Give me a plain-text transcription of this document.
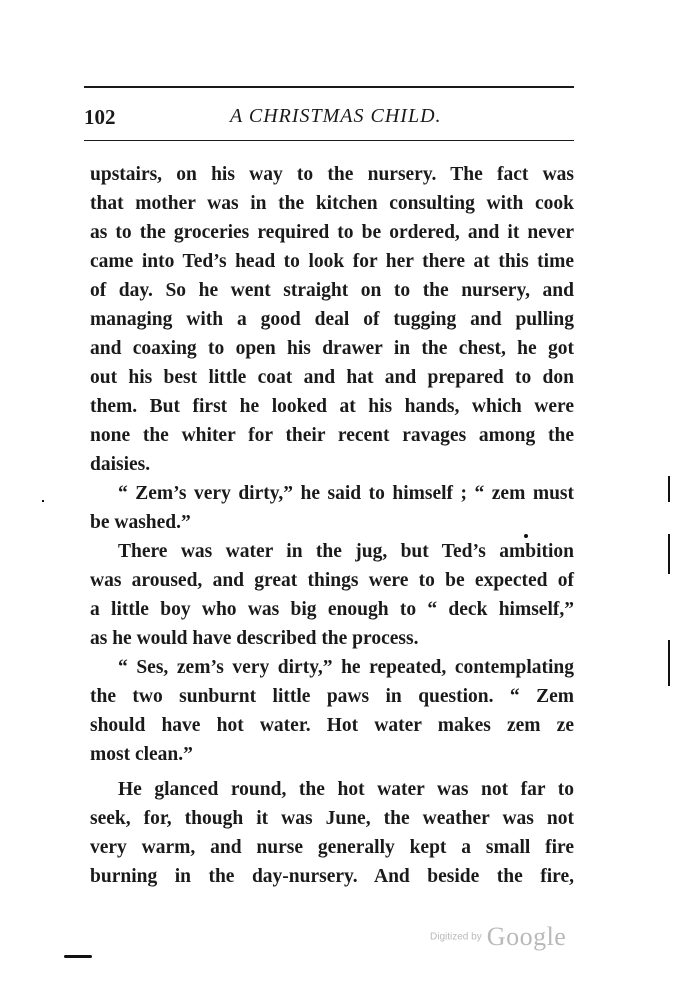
102	A CHRISTMAS CHILD.
upstairs, on his way to the nursery. The fact was
that mother was in the kitchen consulting with cook
as to the groceries required to be ordered, and it never
came into Ted’s head to look for her there at this time
of day. So he went straight on to the nursery, and
managing with a good deal of tugging and pulling
and coaxing to open his drawer in the chest, he got
out his best little coat and hat and prepared to don
them. But first he looked at his hands, which were
none the whiter for their recent ravages among the
daisies.
“ Zem’s very dirty,” he said to himself ; “ zem must
be washed.”
There was water in the jug, but Ted’s ambition
was aroused, and great things were to be expected of
a little boy who was big enough to “ deck himself,”
as he would have described the process.
“ Ses, zem’s very dirty,” he repeated, contemplating
the two sunburnt little paws in question. “ Zem
should have hot water. Hot water makes zem ze
most clean.”
He glanced round, the hot water was not far to
seek, for, though it was June, the weather was not
very warm, and nurse generally kept a small fire
burning in the day-nursery. And beside the fire,
Digitized by Google
